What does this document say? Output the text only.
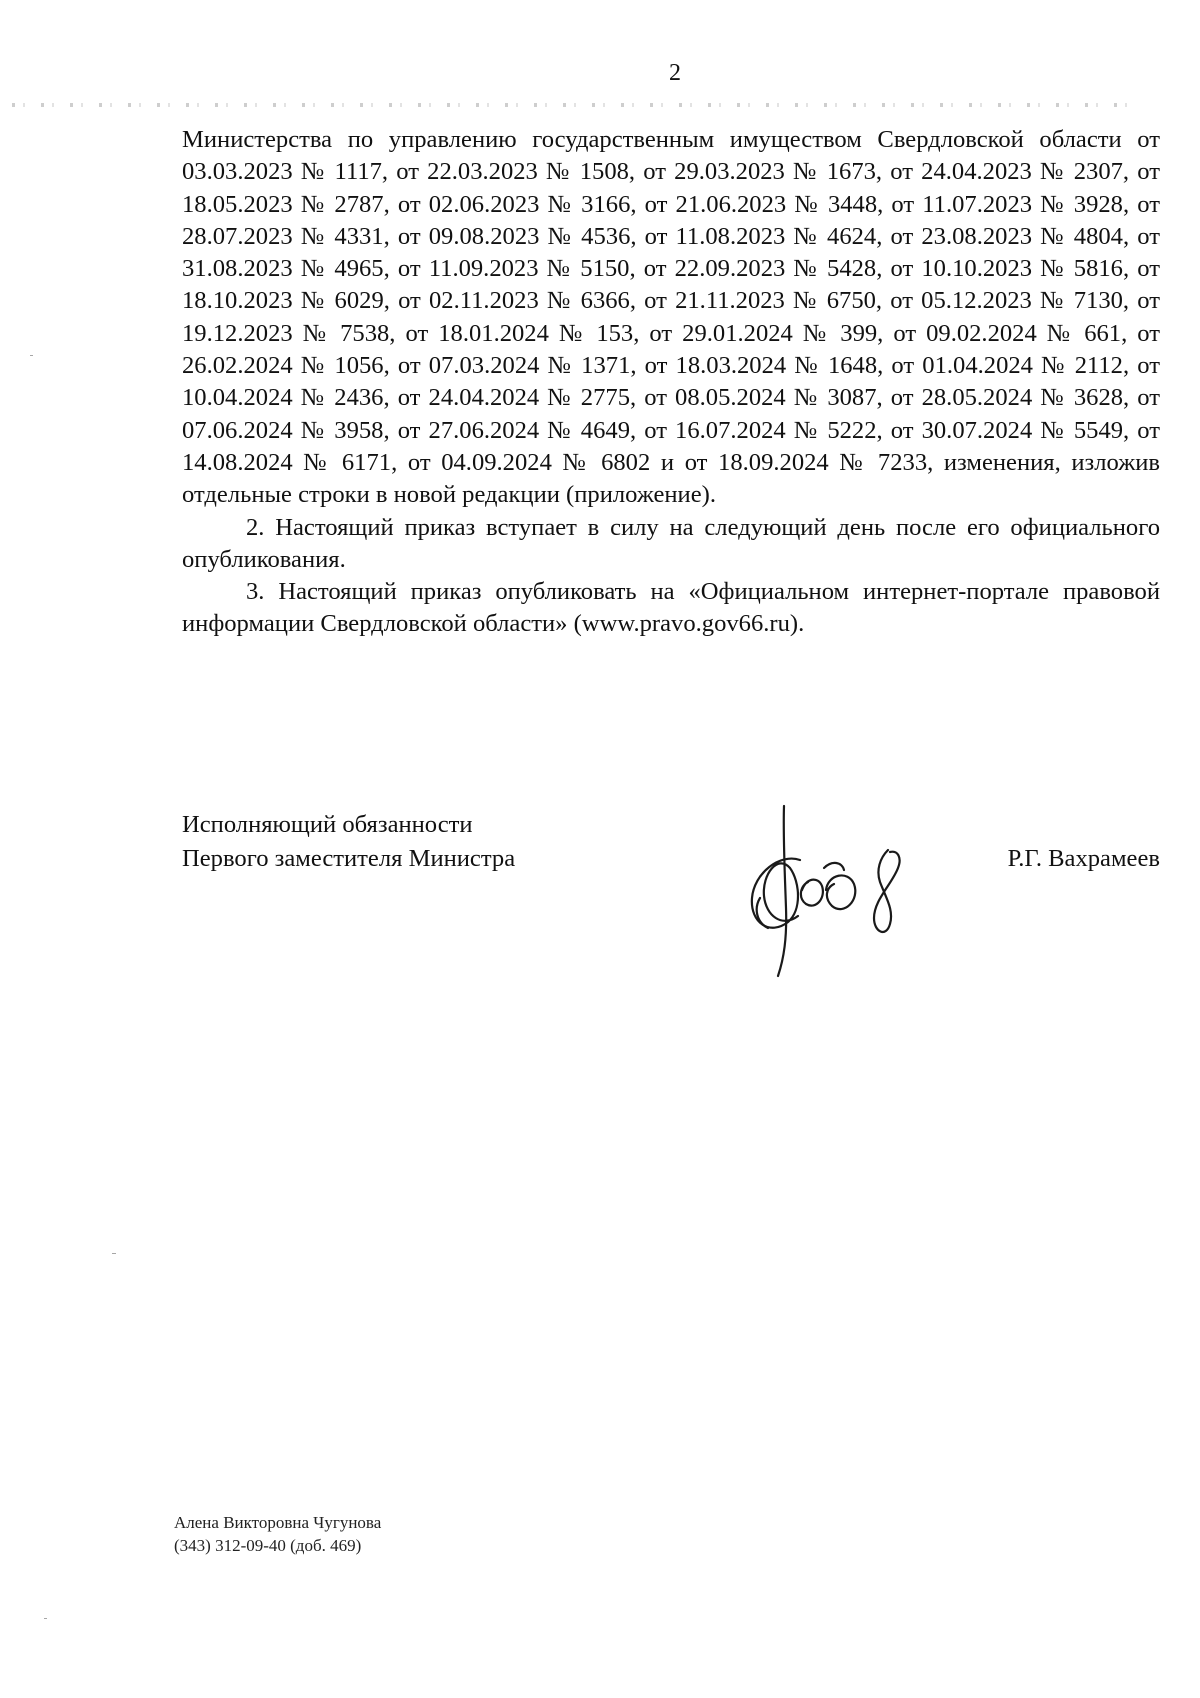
2

Министерства по управлению государственным имуществом Свердловской области от 03.03.2023 № 1117, от 22.03.2023 № 1508, от 29.03.2023 № 1673, от 24.04.2023 № 2307, от 18.05.2023 № 2787, от 02.06.2023 № 3166, от 21.06.2023 № 3448, от 11.07.2023 № 3928, от 28.07.2023 № 4331, от 09.08.2023 № 4536, от 11.08.2023 № 4624, от 23.08.2023 № 4804, от 31.08.2023 № 4965, от 11.09.2023 № 5150, от 22.09.2023 № 5428, от 10.10.2023 № 5816, от 18.10.2023 № 6029, от 02.11.2023 № 6366, от 21.11.2023 № 6750, от 05.12.2023 № 7130, от 19.12.2023 № 7538, от 18.01.2024 № 153, от 29.01.2024 № 399, от 09.02.2024 № 661, от 26.02.2024 № 1056, от 07.03.2024 № 1371, от 18.03.2024 № 1648, от 01.04.2024 № 2112, от 10.04.2024 № 2436, от 24.04.2024 № 2775, от 08.05.2024 № 3087, от 28.05.2024 № 3628, от 07.06.2024 № 3958, от 27.06.2024 № 4649, от 16.07.2024 № 5222, от 30.07.2024 № 5549, от 14.08.2024 № 6171, от 04.09.2024 № 6802 и от 18.09.2024 № 7233, изменения, изложив отдельные строки в новой редакции (приложение).

2. Настоящий приказ вступает в силу на следующий день после его официального опубликования.

3. Настоящий приказ опубликовать на «Официальном интернет-портале правовой информации Свердловской области» (www.pravo.gov66.ru).

Исполняющий обязанности
Первого заместителя Министра	Р.Г. Вахрамеев
Алена Викторовна Чугунова
(343) 312-09-40 (доб. 469)
